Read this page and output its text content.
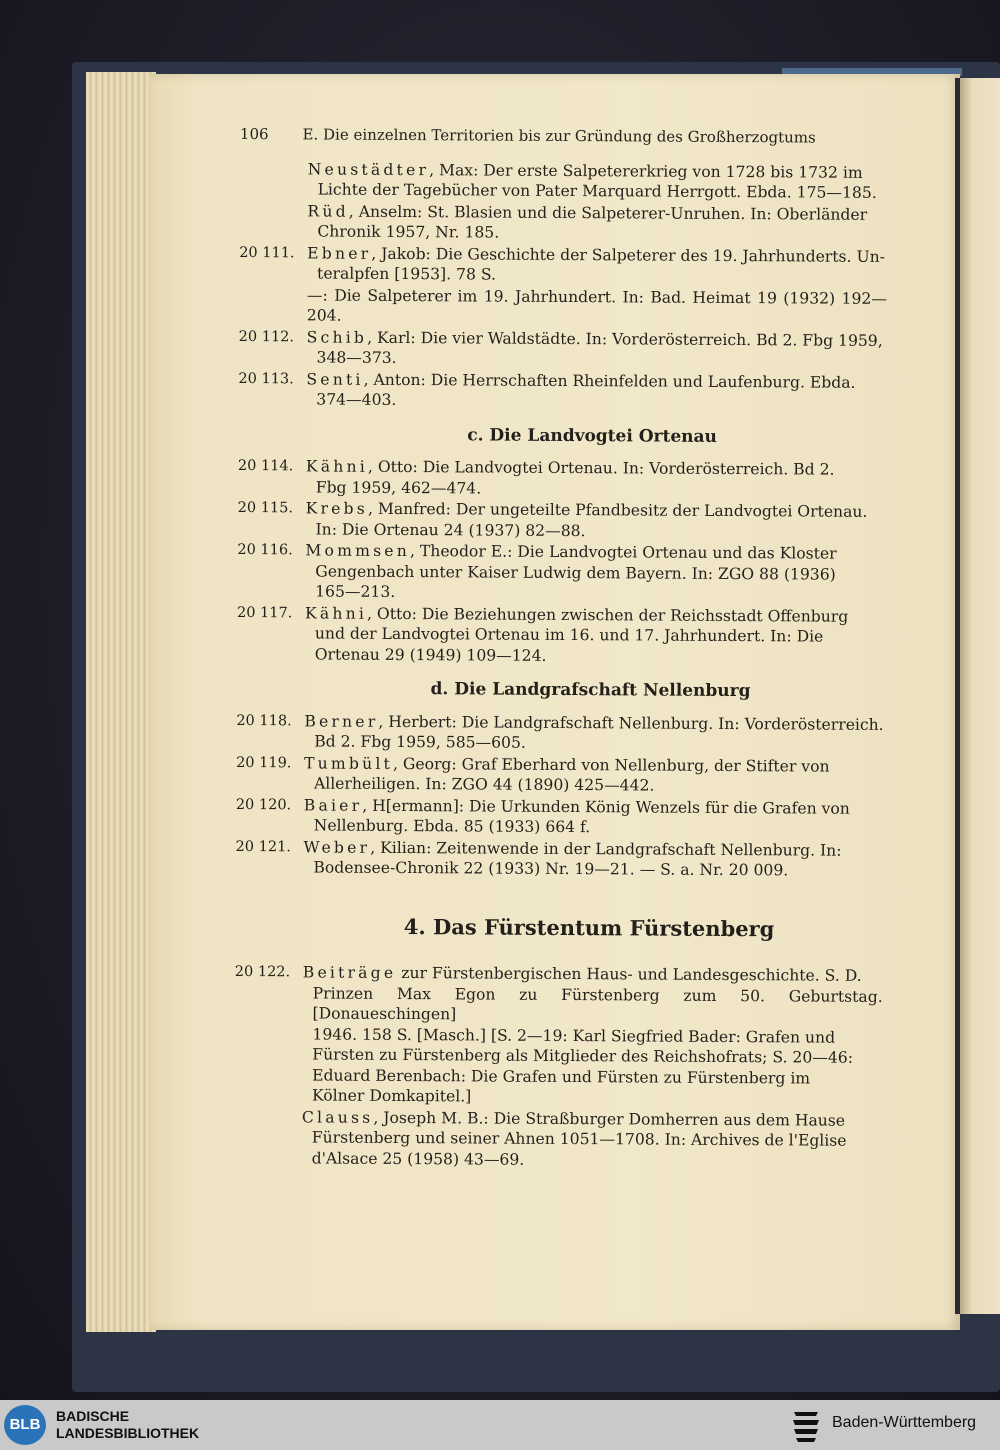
106 E. Die einzelnen Territorien bis zur Gründung des Großherzogtums
Neustädter, Max: Der erste Salpetererkrieg von 1728 bis 1732 im
Lichte der Tagebücher von Pater Marquard Herrgott. Ebda. 175—185.
Rüd, Anselm: St. Blasien und die Salpeterer-Unruhen. In: Oberländer
Chronik 1957, Nr. 185.
20 111. Ebner, Jakob: Die Geschichte der Salpeterer des 19. Jahrhunderts. Un-
teralpfen [1953]. 78 S.
—: Die Salpeterer im 19. Jahrhundert. In: Bad. Heimat 19 (1932) 192—204.
20 112. Schib, Karl: Die vier Waldstädte. In: Vorderösterreich. Bd 2. Fbg 1959,
348—373.
20 113. Senti, Anton: Die Herrschaften Rheinfelden und Laufenburg. Ebda.
374—403.
c. Die Landvogtei Ortenau
20 114. Kähni, Otto: Die Landvogtei Ortenau. In: Vorderösterreich. Bd 2.
Fbg 1959, 462—474.
20 115. Krebs, Manfred: Der ungeteilte Pfandbesitz der Landvogtei Ortenau.
In: Die Ortenau 24 (1937) 82—88.
20 116. Mommsen, Theodor E.: Die Landvogtei Ortenau und das Kloster
Gengenbach unter Kaiser Ludwig dem Bayern. In: ZGO 88 (1936)
165—213.
20 117. Kähni, Otto: Die Beziehungen zwischen der Reichsstadt Offenburg
und der Landvogtei Ortenau im 16. und 17. Jahrhundert. In: Die
Ortenau 29 (1949) 109—124.
d. Die Landgrafschaft Nellenburg
20 118. Berner, Herbert: Die Landgrafschaft Nellenburg. In: Vorderösterreich.
Bd 2. Fbg 1959, 585—605.
20 119. Tumbült, Georg: Graf Eberhard von Nellenburg, der Stifter von
Allerheiligen. In: ZGO 44 (1890) 425—442.
20 120. Baier, H[ermann]: Die Urkunden König Wenzels für die Grafen von
Nellenburg. Ebda. 85 (1933) 664 f.
20 121. Weber, Kilian: Zeitenwende in der Landgrafschaft Nellenburg. In:
Bodensee-Chronik 22 (1933) Nr. 19—21. — S. a. Nr. 20 009.
4. Das Fürstentum Fürstenberg
20 122. Beiträge zur Fürstenbergischen Haus- und Landesgeschichte. S. D.
Prinzen Max Egon zu Fürstenberg zum 50. Geburtstag. [Donaueschingen]
1946. 158 S. [Masch.] [S. 2—19: Karl Siegfried Bader: Grafen und
Fürsten zu Fürstenberg als Mitglieder des Reichshofrats; S. 20—46:
Eduard Berenbach: Die Grafen und Fürsten zu Fürstenberg im
Kölner Domkapitel.]
Clauss, Joseph M. B.: Die Straßburger Domherren aus dem Hause
Fürstenberg und seiner Ahnen 1051—1708. In: Archives de l'Eglise
d'Alsace 25 (1958) 43—69.
BLB	BADISCHE
LANDESBIBLIOTHEK
Baden-Württemberg
